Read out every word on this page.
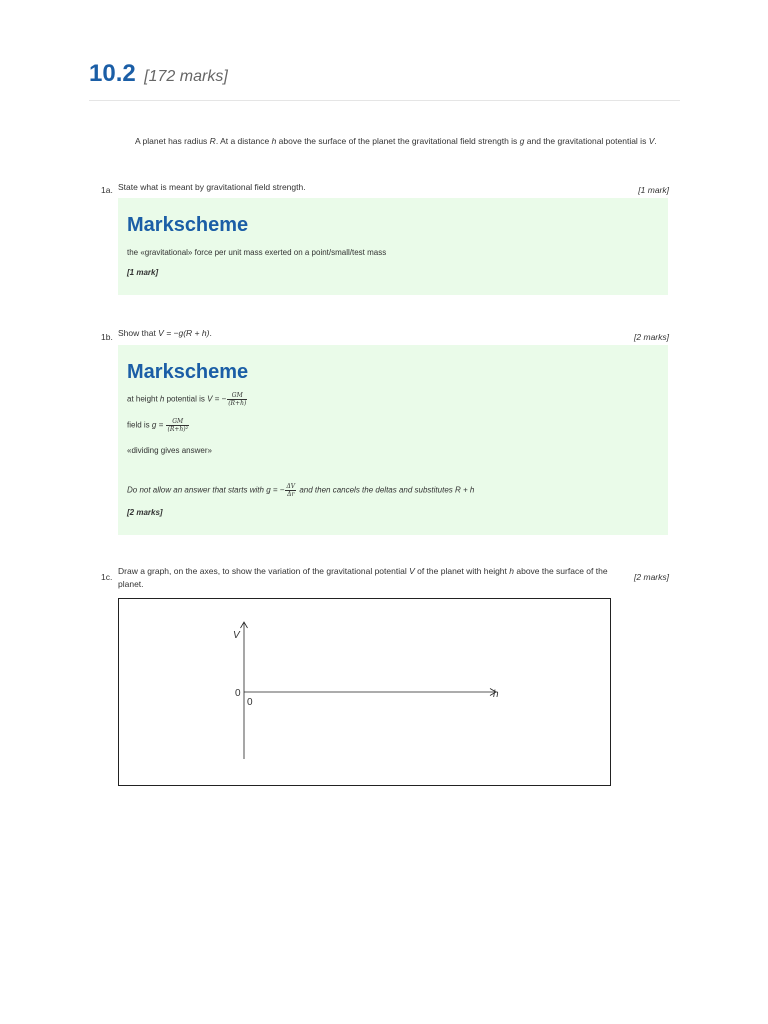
10.2 [172 marks]
A planet has radius R. At a distance h above the surface of the planet the gravitational field strength is g and the gravitational potential is V.
1a. State what is meant by gravitational field strength.	[1 mark]
Markscheme
the «gravitational» force per unit mass exerted on a point/small/test mass
[1 mark]
1b. Show that V = −g(R + h).	[2 marks]
Markscheme
at height h potential is V = − $\frac{GM}{(R+h)}$
field is $g = \frac{GM}{\text{(R+h)²}}$
«dividing gives answer»
Do not allow an answer that starts with g = − $\frac{\Delta V}{\Delta r}$ and then cancels the deltas and substitutes R + h
[2 marks]
1c.
Draw a graph, on the axes, to show the variation of the gravitational potential V of the planet with height h above the surface of the planet.
[2 marks]
V
h
0
0
